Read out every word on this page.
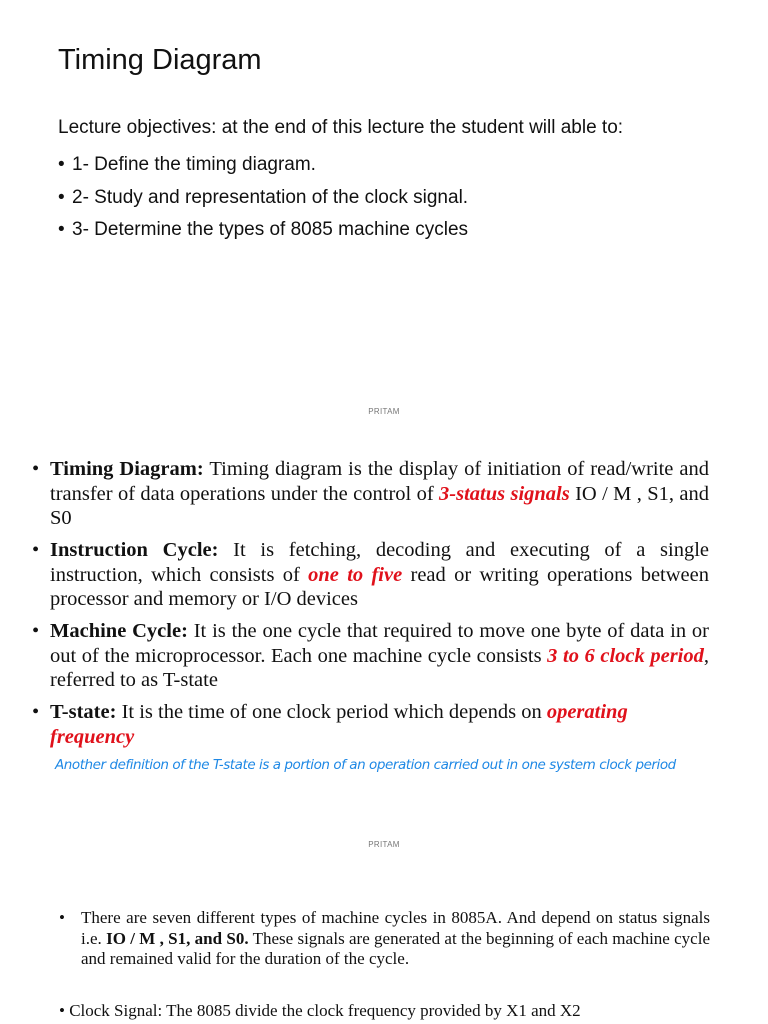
Timing Diagram
Lecture objectives: at the end of this lecture the student will able to:
• 1- Define the timing diagram.
• 2- Study and representation of the clock signal.
• 3- Determine the types of 8085 machine cycles
PRITAM
• Timing Diagram: Timing diagram is the display of initiation of read/write and transfer of data operations under the control of 3-status signals IO / M , S1, and S0
• Instruction Cycle: It is fetching, decoding and executing of a single instruction, which consists of one to five read or writing operations between processor and memory or I/O devices
• Machine Cycle: It is the one cycle that required to move one byte of data in or out of the microprocessor. Each one machine cycle consists 3 to 6 clock period, referred to as T-state
• T-state: It is the time of one clock period which depends on operating frequency
Another definition of the T-state is a portion of an operation carried out in one system clock period
PRITAM
• There are seven different types of machine cycles in 8085A. And depend on status signals i.e. IO / M , S1, and S0. These signals are generated at the beginning of each machine cycle and remained valid for the duration of the cycle.
• Clock Signal: The 8085 divide the clock frequency provided by X1 and X2
